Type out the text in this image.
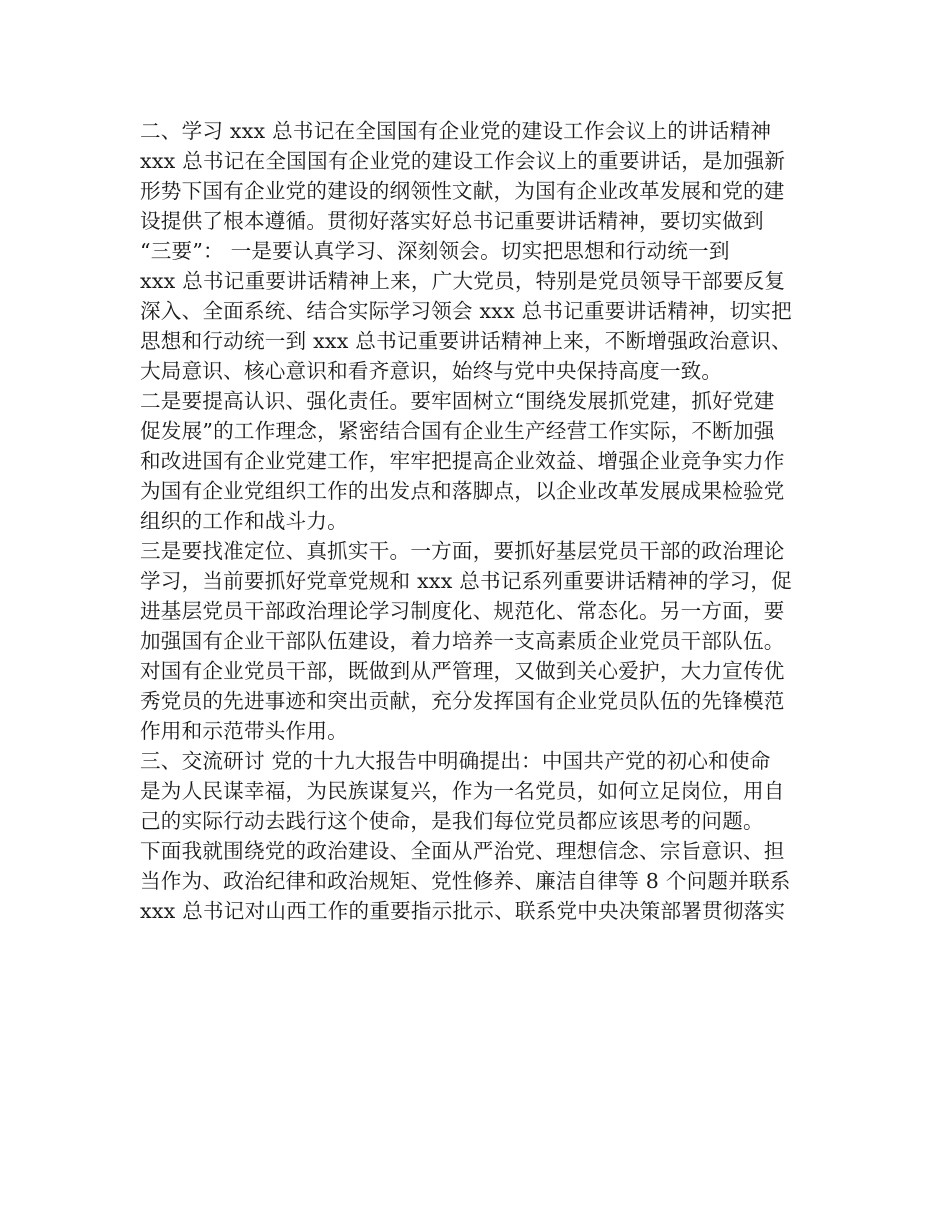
二、学习 xxx 总书记在全国国有企业党的建设工作会议上的讲话精神
xxx 总书记在全国国有企业党的建设工作会议上的重要讲话，是加强新
形势下国有企业党的建设的纲领性文献，为国有企业改革发展和党的建
设提供了根本遵循。贯彻好落实好总书记重要讲话精神，要切实做到
“三要”： 一是要认真学习、深刻领会。切实把思想和行动统一到
xxx 总书记重要讲话精神上来，广大党员，特别是党员领导干部要反复
深入、全面系统、结合实际学习领会 xxx 总书记重要讲话精神，切实把
思想和行动统一到 xxx 总书记重要讲话精神上来，不断增强政治意识、
大局意识、核心意识和看齐意识，始终与党中央保持高度一致。
二是要提高认识、强化责任。要牢固树立“围绕发展抓党建，抓好党建
促发展”的工作理念，紧密结合国有企业生产经营工作实际，不断加强
和改进国有企业党建工作，牢牢把提高企业效益、增强企业竞争实力作
为国有企业党组织工作的出发点和落脚点，以企业改革发展成果检验党
组织的工作和战斗力。
三是要找准定位、真抓实干。一方面，要抓好基层党员干部的政治理论
学习，当前要抓好党章党规和 xxx 总书记系列重要讲话精神的学习，促
进基层党员干部政治理论学习制度化、规范化、常态化。另一方面，要
加强国有企业干部队伍建设，着力培养一支高素质企业党员干部队伍。
对国有企业党员干部，既做到从严管理，又做到关心爱护，大力宣传优
秀党员的先进事迹和突出贡献，充分发挥国有企业党员队伍的先锋模范
作用和示范带头作用。
三、交流研讨 党的十九大报告中明确提出：中国共产党的初心和使命
是为人民谋幸福，为民族谋复兴，作为一名党员，如何立足岗位，用自
己的实际行动去践行这个使命，是我们每位党员都应该思考的问题。
下面我就围绕党的政治建设、全面从严治党、理想信念、宗旨意识、担
当作为、政治纪律和政治规矩、党性修养、廉洁自律等 8 个问题并联系
xxx 总书记对山西工作的重要指示批示、联系党中央决策部署贯彻落实
